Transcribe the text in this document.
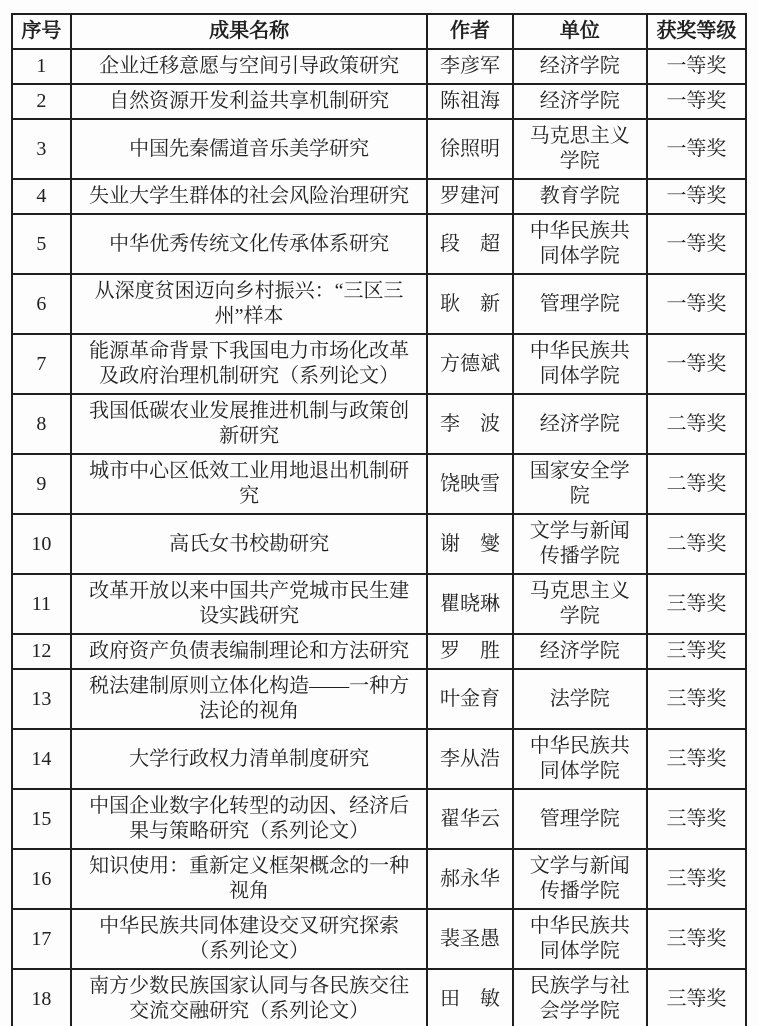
序号	成果名称	作者	单位	获奖等级
1	企业迁移意愿与空间引导政策研究	李彦军	经济学院	一等奖
2	自然资源开发利益共享机制研究	陈祖海	经济学院	一等奖
3	中国先秦儒道音乐美学研究	徐照明	马克思主义学院	一等奖
4	失业大学生群体的社会风险治理研究	罗建河	教育学院	一等奖
5	中华优秀传统文化传承体系研究	段　超	中华民族共同体学院	一等奖
6	从深度贫困迈向乡村振兴：“三区三州”样本	耿　新	管理学院	一等奖
7	能源革命背景下我国电力市场化改革及政府治理机制研究（系列论文）	方德斌	中华民族共同体学院	一等奖
8	我国低碳农业发展推进机制与政策创新研究	李　波	经济学院	二等奖
9	城市中心区低效工业用地退出机制研究	饶映雪	国家安全学院	二等奖
10	高氏女书校勘研究	谢　燮	文学与新闻传播学院	二等奖
11	改革开放以来中国共产党城市民生建设实践研究	瞿晓琳	马克思主义学院	三等奖
12	政府资产负债表编制理论和方法研究	罗　胜	经济学院	三等奖
13	税法建制原则立体化构造——一种方法论的视角	叶金育	法学院	三等奖
14	大学行政权力清单制度研究	李从浩	中华民族共同体学院	三等奖
15	中国企业数字化转型的动因、经济后果与策略研究（系列论文）	翟华云	管理学院	三等奖
16	知识使用：重新定义框架概念的一种视角	郝永华	文学与新闻传播学院	三等奖
17	中华民族共同体建设交叉研究探索（系列论文）	裴圣愚	中华民族共同体学院	三等奖
18	南方少数民族国家认同与各民族交往交流交融研究（系列论文）	田　敏	民族学与社会学学院	三等奖
